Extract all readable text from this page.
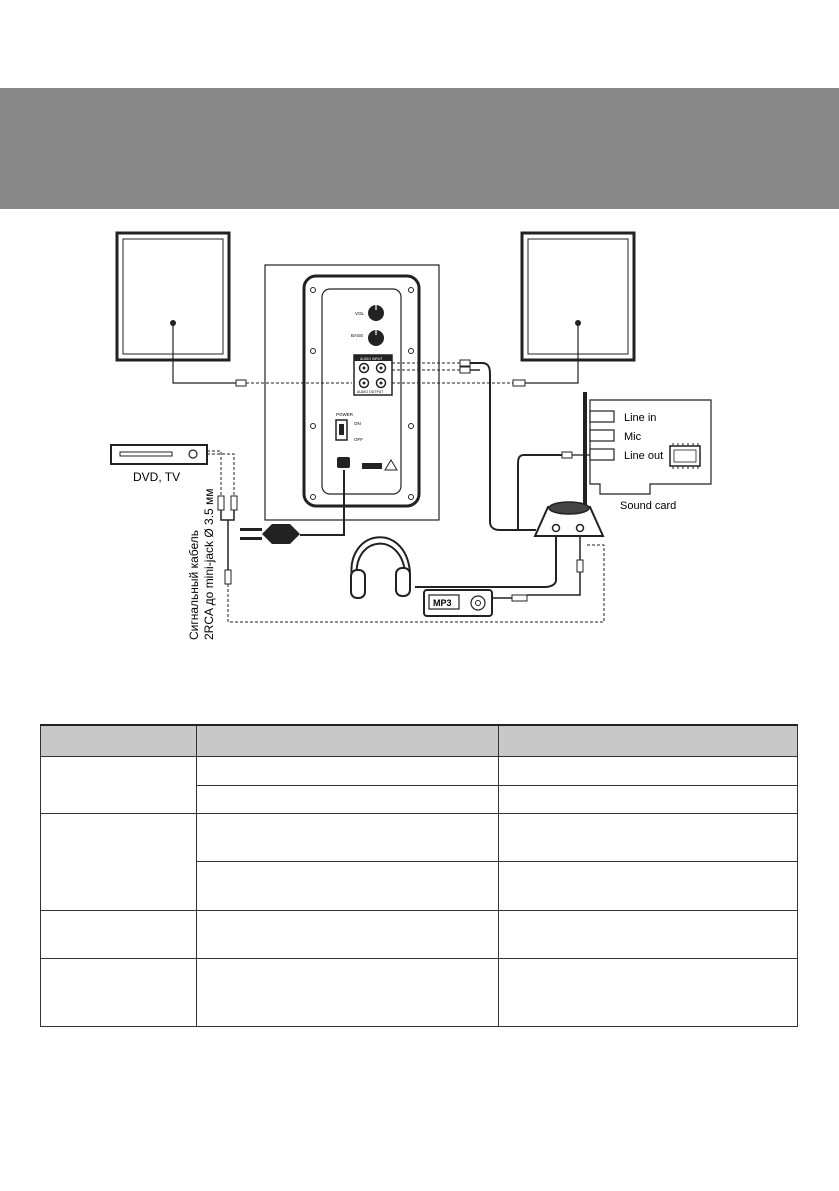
VOL
BASS
AUDIO INPUT
AUDIO OUTPUT
POWER
ON
OFF
Line in
Mic
Line out
Sound card
DVD, TV
Сигнальный кабель 2RCA до mini-jack Ø 3.5 мм	MP3
